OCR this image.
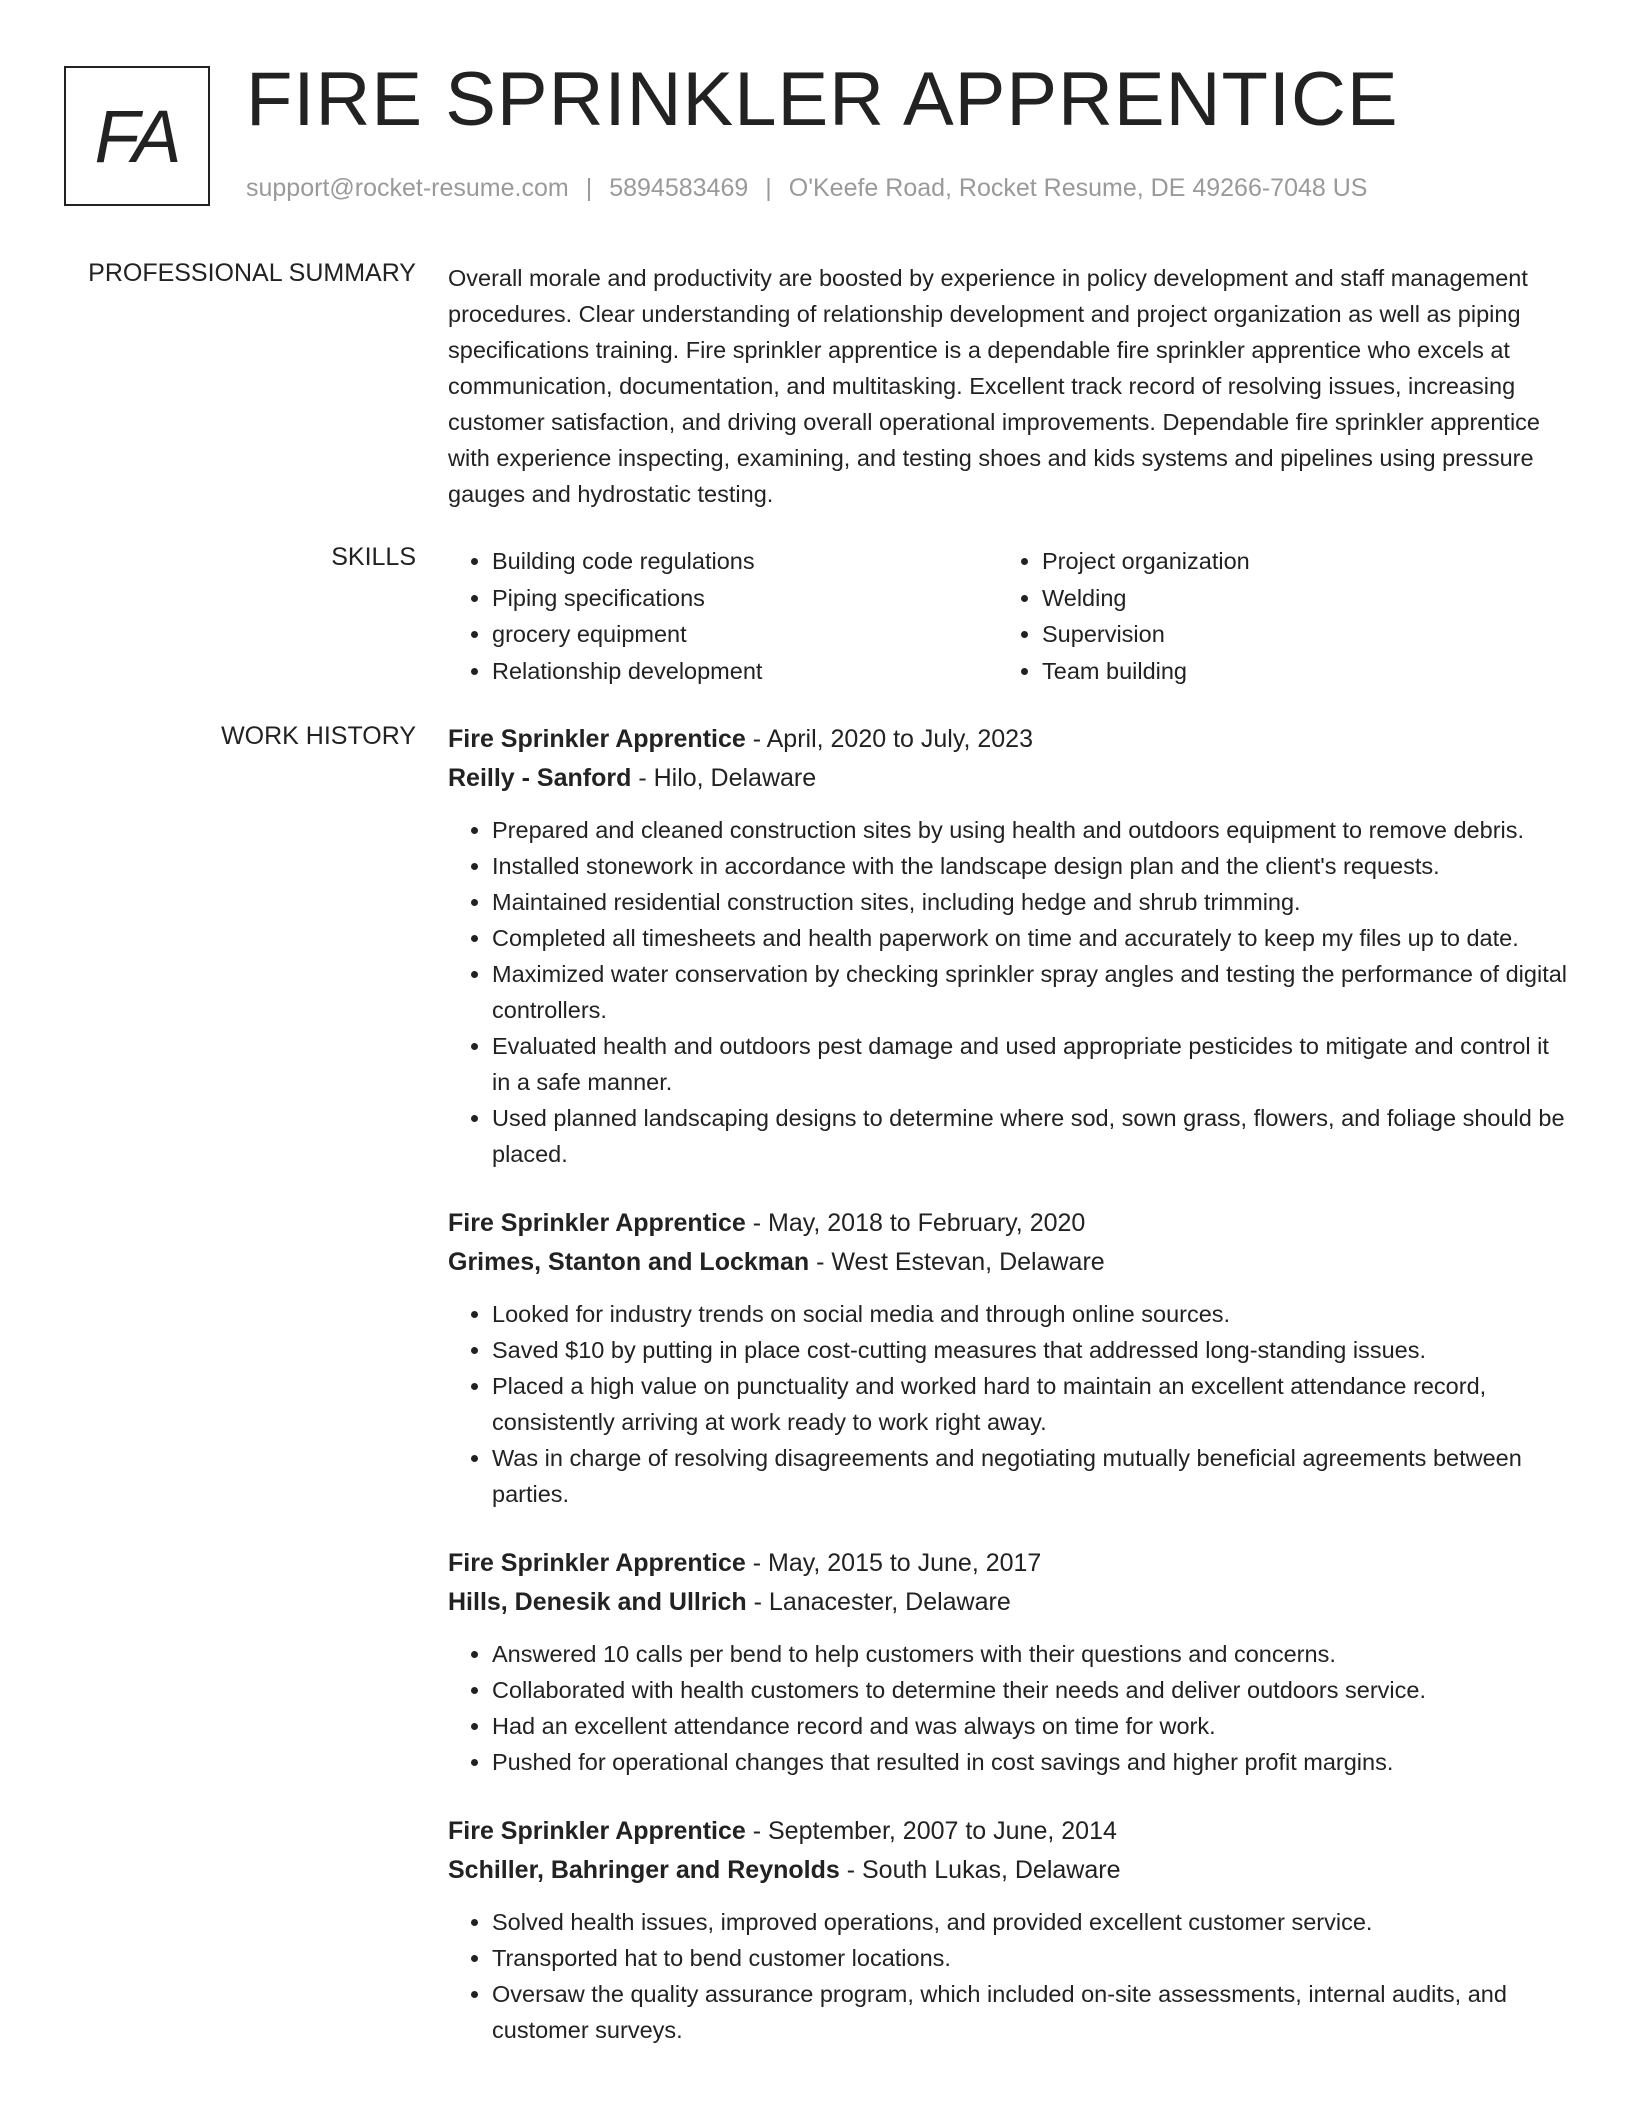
FA FIRE SPRINKLER APPRENTICE
support@rocket-resume.com | 5894583469 | O'Keefe Road, Rocket Resume, DE 49266-7048 US
PROFESSIONAL SUMMARY Overall morale and productivity are boosted by experience in policy development and staff management procedures. Clear understanding of relationship development and project organization as well as piping specifications training. Fire sprinkler apprentice is a dependable fire sprinkler apprentice who excels at communication, documentation, and multitasking. Excellent track record of resolving issues, increasing customer satisfaction, and driving overall operational improvements. Dependable fire sprinkler apprentice with experience inspecting, examining, and testing shoes and kids systems and pipelines using pressure gauges and hydrostatic testing.
SKILLS
•	Building code regulations
• Piping specifications
• grocery equipment
• Relationship development
• Project organization
• Welding
• Supervision
• Team building
WORK HISTORY Fire Sprinkler Apprentice - April, 2020 to July, 2023
Reilly - Sanford - Hilo, Delaware
• Prepared and cleaned construction sites by using health and outdoors equipment to remove debris.
• Installed stonework in accordance with the landscape design plan and the client's requests.
• Maintained residential construction sites, including hedge and shrub trimming.
• Completed all timesheets and health paperwork on time and accurately to keep my files up to date.
• Maximized water conservation by checking sprinkler spray angles and testing the performance of digital controllers.
• Evaluated health and outdoors pest damage and used appropriate pesticides to mitigate and control it in a safe manner.
• Used planned landscaping designs to determine where sod, sown grass, flowers, and foliage should be placed.
Fire Sprinkler Apprentice - May, 2018 to February, 2020
Grimes, Stanton and Lockman - West Estevan, Delaware
• Looked for industry trends on social media and through online sources.
• Saved $10 by putting in place cost-cutting measures that addressed long-standing issues.
• Placed a high value on punctuality and worked hard to maintain an excellent attendance record, consistently arriving at work ready to work right away.
• Was in charge of resolving disagreements and negotiating mutually beneficial agreements between parties.
Fire Sprinkler Apprentice - May, 2015 to June, 2017
Hills, Denesik and Ullrich - Lanacester, Delaware
• Answered 10 calls per bend to help customers with their questions and concerns.
• Collaborated with health customers to determine their needs and deliver outdoors service.
• Had an excellent attendance record and was always on time for work.
• Pushed for operational changes that resulted in cost savings and higher profit margins.
Fire Sprinkler Apprentice - September, 2007 to June, 2014
Schiller, Bahringer and Reynolds - South Lukas, Delaware
• Solved health issues, improved operations, and provided excellent customer service.
• Transported hat to bend customer locations.
• Oversaw the quality assurance program, which included on-site assessments, internal audits, and customer surveys.
